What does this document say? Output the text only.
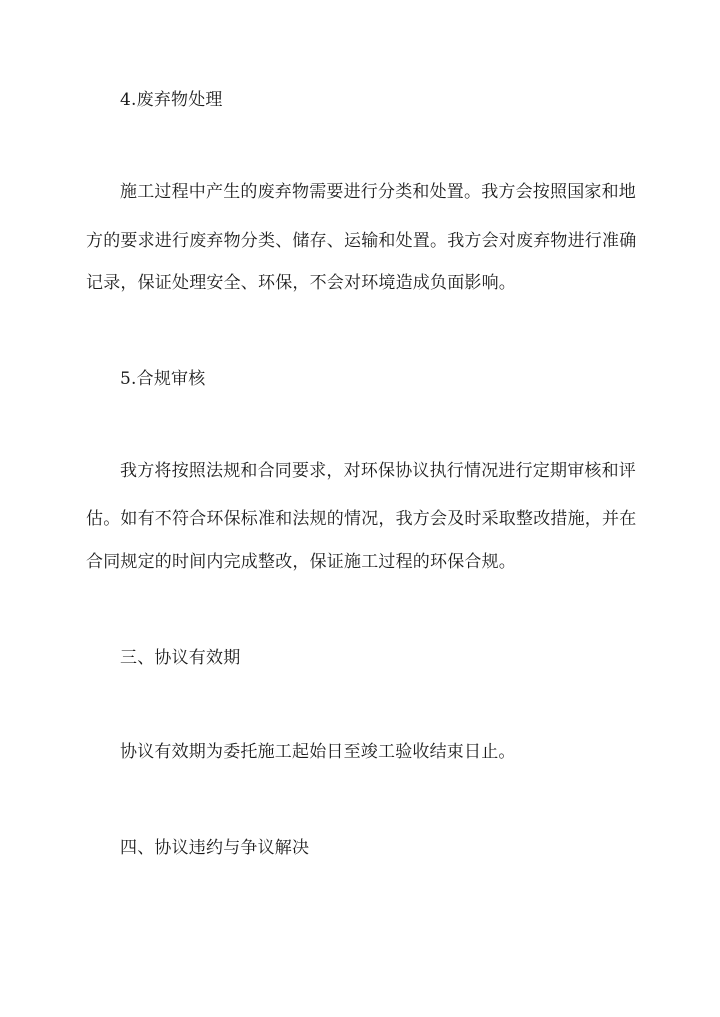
4.废弃物处理
施工过程中产生的废弃物需要进行分类和处置。我方会按照国家和地
方的要求进行废弃物分类、储存、运输和处置。我方会对废弃物进行准确
记录，保证处理安全、环保，不会对环境造成负面影响。
5.合规审核
我方将按照法规和合同要求，对环保协议执行情况进行定期审核和评
估。如有不符合环保标准和法规的情况，我方会及时采取整改措施，并在
合同规定的时间内完成整改，保证施工过程的环保合规。
三、协议有效期
协议有效期为委托施工起始日至竣工验收结束日止。
四、协议违约与争议解决
